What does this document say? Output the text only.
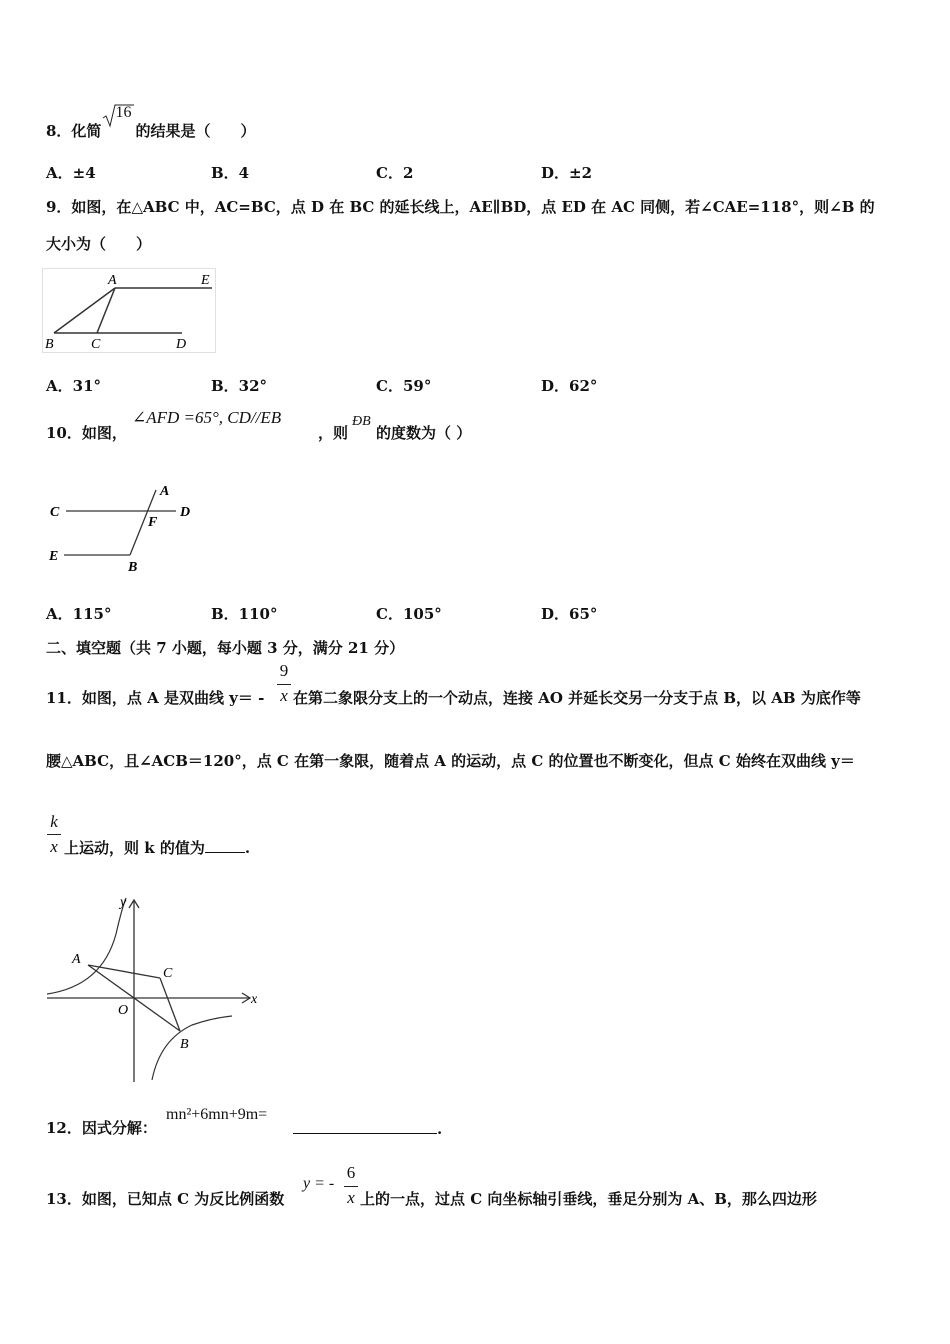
8．化简
16
的结果是（　　）
A．±4	B．4	C．2	D．±2
9．如图，在△ABC 中，AC=BC，点 D 在 BC 的延长线上，AE∥BD，点 ED 在 AC 同侧，若∠CAE=118°，则∠B 的
大小为（　　）
A	E
B	C	D
A．31°	B．32°	C．59°	D．62°
10．如图，
∠AFD =65°, CD//EB
，则
ÐB
的度数为（ ）
A
C	D
F
E
B
A．115°	B．110°	C．105°	D．65°
二、填空题（共 7 小题，每小题 3 分，满分 21 分）
11．如图，点 A 是双曲线 y＝ -
9
x 在第二象限分支上的一个动点，连接 AO 并延长交另一分支于点 B，以 AB 为底作等
腰△ABC，且∠ACB＝120°，点 C 在第一象限，随着点 A 的运动，点 C 的位置也不断变化，但点 C 始终在双曲线 y＝
k
x 上运动，则 k 的值为	.
y
x
A
C
O
B
12．因式分解：
mn²+6mn+9m=
.
13．如图，已知点 C 为反比例函数
y = -
6
x 上的一点，过点 C 向坐标轴引垂线，垂足分别为 A、B，那么四边形
